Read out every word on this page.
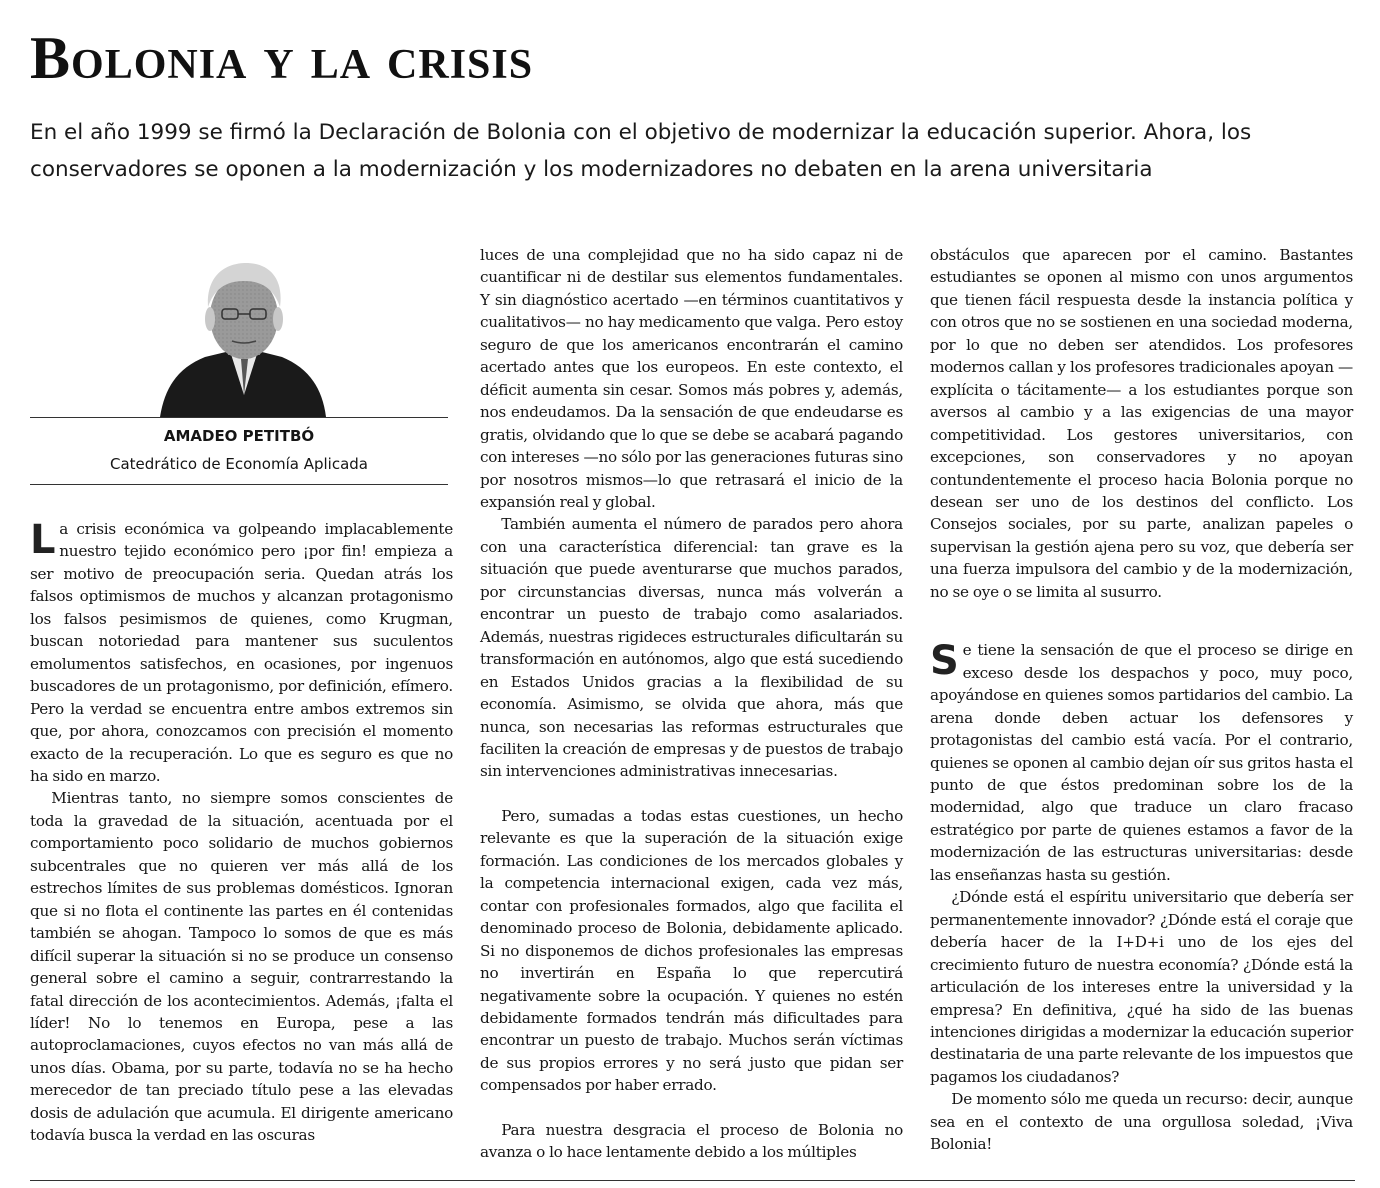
Bolonia y la crisis

En el año 1999 se firmó la Declaración de Bolonia con el objetivo de modernizar la educación superior. Ahora, los conservadores se oponen a la modernización y los modernizadores no debaten en la arena universitaria

AMADEO PETITBÓ

Catedrático de Economía Aplicada

La crisis económica va golpeando implacablemente nuestro tejido económico pero ¡por fin! empieza a ser motivo de preocupación seria. Quedan atrás los falsos optimismos de muchos y alcanzan protagonismo los falsos pesimismos de quienes, como Krugman, buscan notoriedad para mantener sus suculentos emolumentos satisfechos, en ocasiones, por ingenuos buscadores de un protagonismo, por definición, efímero. Pero la verdad se encuentra entre ambos extremos sin que, por ahora, conozcamos con precisión el momento exacto de la recuperación. Lo que es seguro es que no ha sido en marzo.

Mientras tanto, no siempre somos conscientes de toda la gravedad de la situación, acentuada por el comportamiento poco solidario de muchos gobiernos subcentrales que no quieren ver más allá de los estrechos límites de sus problemas domésticos. Ignoran que si no flota el continente las partes en él contenidas también se ahogan. Tampoco lo somos de que es más difícil superar la situación si no se produce un consenso general sobre el camino a seguir, contrarrestando la fatal dirección de los acontecimientos. Además, ¡falta el líder! No lo tenemos en Europa, pese a las autoproclamaciones, cuyos efectos no van más allá de unos días. Obama, por su parte, todavía no se ha hecho merecedor de tan preciado título pese a las elevadas dosis de adulación que acumula. El dirigente americano todavía busca la verdad en las oscuras

luces de una complejidad que no ha sido capaz ni de cuantificar ni de destilar sus elementos fundamentales. Y sin diagnóstico acertado —en términos cuantitativos y cualitativos— no hay medicamento que valga. Pero estoy seguro de que los americanos encontrarán el camino acertado antes que los europeos. En este contexto, el déficit aumenta sin cesar. Somos más pobres y, además, nos endeudamos. Da la sensación de que endeudarse es gratis, olvidando que lo que se debe se acabará pagando con intereses —no sólo por las generaciones futuras sino por nosotros mismos—lo que retrasará el inicio de la expansión real y global.

También aumenta el número de parados pero ahora con una característica diferencial: tan grave es la situación que puede aventurarse que muchos parados, por circunstancias diversas, nunca más volverán a encontrar un puesto de trabajo como asalariados. Además, nuestras rigideces estructurales dificultarán su transformación en autónomos, algo que está sucediendo en Estados Unidos gracias a la flexibilidad de su economía. Asimismo, se olvida que ahora, más que nunca, son necesarias las reformas estructurales que faciliten la creación de empresas y de puestos de trabajo sin intervenciones administrativas innecesarias.

Pero, sumadas a todas estas cuestiones, un hecho relevante es que la superación de la situación exige formación. Las condiciones de los mercados globales y la competencia internacional exigen, cada vez más, contar con profesionales formados, algo que facilita el denominado proceso de Bolonia, debidamente aplicado. Si no disponemos de dichos profesionales las empresas no invertirán en España lo que repercutirá negativamente sobre la ocupación. Y quienes no estén debidamente formados tendrán más dificultades para encontrar un puesto de trabajo. Muchos serán víctimas de sus propios errores y no será justo que pidan ser compensados por haber errado.

Para nuestra desgracia el proceso de Bolonia no avanza o lo hace lentamente debido a los múltiples

obstáculos que aparecen por el camino. Bastantes estudiantes se oponen al mismo con unos argumentos que tienen fácil respuesta desde la instancia política y con otros que no se sostienen en una sociedad moderna, por lo que no deben ser atendidos. Los profesores modernos callan y los profesores tradicionales apoyan —explícita o tácitamente— a los estudiantes porque son aversos al cambio y a las exigencias de una mayor competitividad. Los gestores universitarios, con excepciones, son conservadores y no apoyan contundentemente el proceso hacia Bolonia porque no desean ser uno de los destinos del conflicto. Los Consejos sociales, por su parte, analizan papeles o supervisan la gestión ajena pero su voz, que debería ser una fuerza impulsora del cambio y de la modernización, no se oye o se limita al susurro.

Se tiene la sensación de que el proceso se dirige en exceso desde los despachos y poco, muy poco, apoyándose en quienes somos partidarios del cambio. La arena donde deben actuar los defensores y protagonistas del cambio está vacía. Por el contrario, quienes se oponen al cambio dejan oír sus gritos hasta el punto de que éstos predominan sobre los de la modernidad, algo que traduce un claro fracaso estratégico por parte de quienes estamos a favor de la modernización de las estructuras universitarias: desde las enseñanzas hasta su gestión.

¿Dónde está el espíritu universitario que debería ser permanentemente innovador? ¿Dónde está el coraje que debería hacer de la I+D+i uno de los ejes del crecimiento futuro de nuestra economía? ¿Dónde está la articulación de los intereses entre la universidad y la empresa? En definitiva, ¿qué ha sido de las buenas intenciones dirigidas a modernizar la educación superior destinataria de una parte relevante de los impuestos que pagamos los ciudadanos?

De momento sólo me queda un recurso: decir, aunque sea en el contexto de una orgullosa soledad, ¡Viva Bolonia!
